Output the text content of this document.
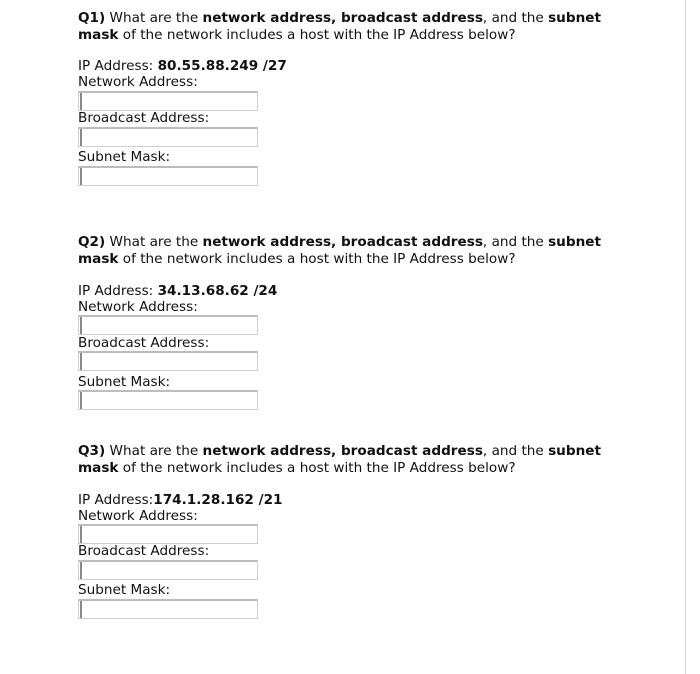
Q1) What are the network address, broadcast address, and the subnet mask of the network includes a host with the IP Address below?

IP Address: 80.55.88.249 /27

Network Address:
Broadcast Address:
Subnet Mask:

Q2) What are the network address, broadcast address, and the subnet mask of the network includes a host with the IP Address below?

IP Address: 34.13.68.62 /24

Network Address:
Broadcast Address:
Subnet Mask:

Q3) What are the network address, broadcast address, and the subnet mask of the network includes a host with the IP Address below?

IP Address:174.1.28.162 /21

Network Address:
Broadcast Address:
Subnet Mask:
